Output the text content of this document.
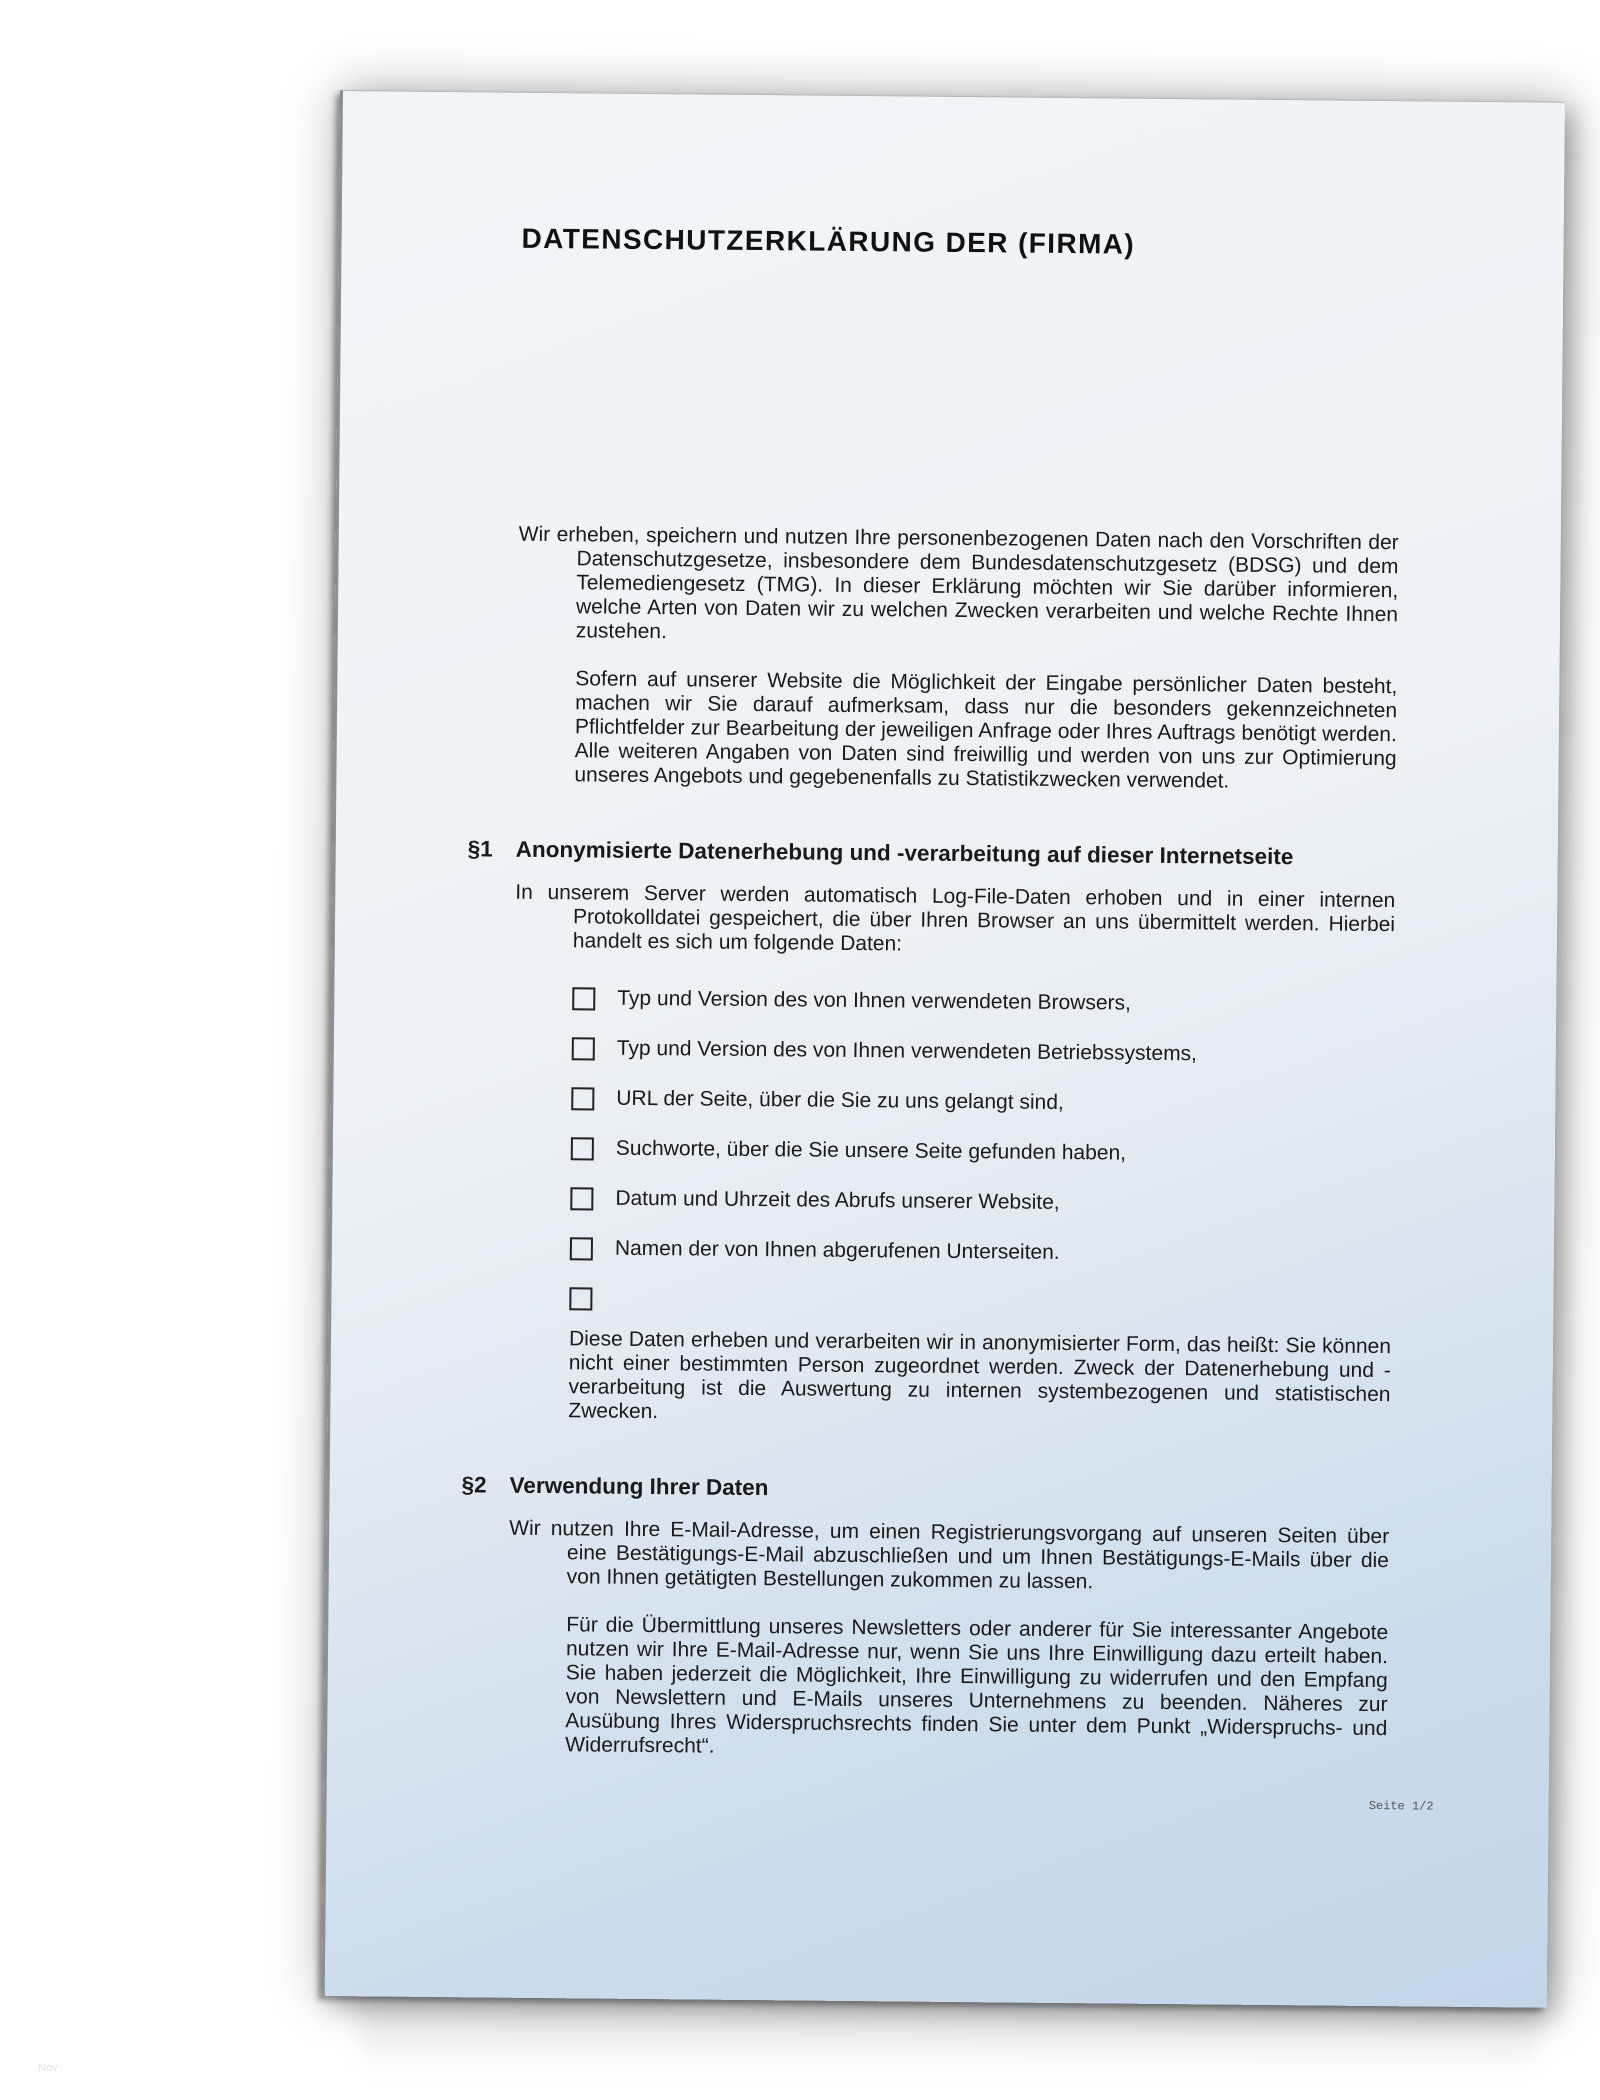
DATENSCHUTZERKLÄRUNG DER (FIRMA)

Wir erheben, speichern und nutzen Ihre personenbezogenen Daten nach den Vorschriften der Datenschutzgesetze, insbesondere dem Bundesdatenschutzgesetz (BDSG) und dem Telemediengesetz (TMG). In dieser Erklärung möchten wir Sie darüber informieren, welche Arten von Daten wir zu welchen Zwecken verarbeiten und welche Rechte Ihnen zustehen.

Sofern auf unserer Website die Möglichkeit der Eingabe persönlicher Daten besteht, machen wir Sie darauf aufmerksam, dass nur die besonders gekennzeichneten Pflichtfelder zur Bearbeitung der jeweiligen Anfrage oder Ihres Auftrags benötigt werden. Alle weiteren Angaben von Daten sind freiwillig und werden von uns zur Optimierung unseres Angebots und gegebenenfalls zu Statistikzwecken verwendet.

§1	Anonymisierte Datenerhebung und -verarbeitung auf dieser Internetseite

In unserem Server werden automatisch Log-File-Daten erhoben und in einer internen Protokolldatei gespeichert, die über Ihren Browser an uns übermittelt werden. Hierbei handelt es sich um folgende Daten:

Typ und Version des von Ihnen verwendeten Browsers,
Typ und Version des von Ihnen verwendeten Betriebssystems,
URL der Seite, über die Sie zu uns gelangt sind,
Suchworte, über die Sie unsere Seite gefunden haben,
Datum und Uhrzeit des Abrufs unserer Website,
Namen der von Ihnen abgerufenen Unterseiten.

Diese Daten erheben und verarbeiten wir in anonymisierter Form, das heißt: Sie können nicht einer bestimmten Person zugeordnet werden. Zweck der Datenerhebung und -verarbeitung ist die Auswertung zu internen systembezogenen und statistischen Zwecken.

§2	Verwendung Ihrer Daten

Wir nutzen Ihre E-Mail-Adresse, um einen Registrierungsvorgang auf unseren Seiten über eine Bestätigungs-E-Mail abzuschließen und um Ihnen Bestätigungs-E-Mails über die von Ihnen getätigten Bestellungen zukommen zu lassen.

Für die Übermittlung unseres Newsletters oder anderer für Sie interessanter Angebote nutzen wir Ihre E-Mail-Adresse nur, wenn Sie uns Ihre Einwilligung dazu erteilt haben. Sie haben jederzeit die Möglichkeit, Ihre Einwilligung zu widerrufen und den Empfang von Newslettern und E-Mails unseres Unternehmens zu beenden. Näheres zur Ausübung Ihres Widerspruchsrechts finden Sie unter dem Punkt „Widerspruchs- und Widerrufsrecht“.

Seite 1/2
Nov
